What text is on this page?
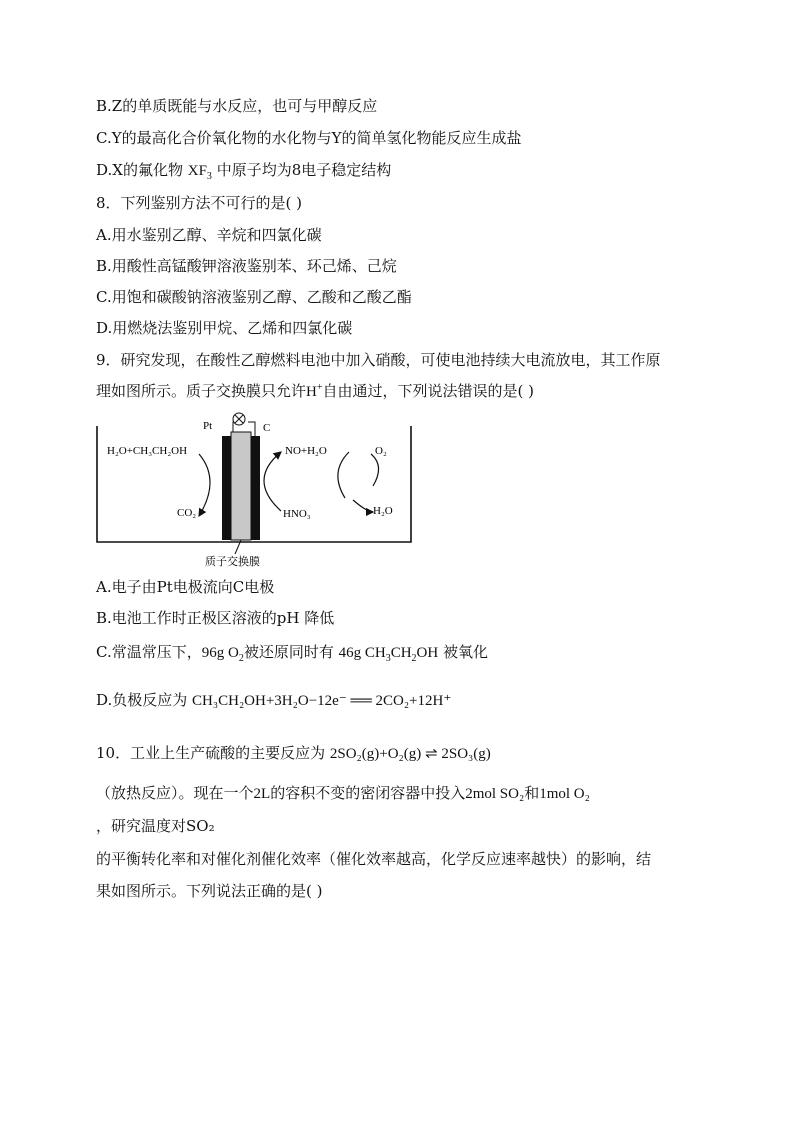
B.Z的单质既能与水反应，也可与甲醇反应
C.Y的最高化合价氧化物的水化物与Y的简单氢化物能反应生成盐
D.X的氟化物 $XF_3$ 中原子均为8电子稳定结构
8．下列鉴别方法不可行的是( )
A.用水鉴别乙醇、辛烷和四氯化碳
B.用酸性高锰酸钾溶液鉴别苯、环己烯、己烷
C.用饱和碳酸钠溶液鉴别乙醇、乙酸和乙酸乙酯
D.用燃烧法鉴别甲烷、乙烯和四氯化碳
9．研究发现，在酸性乙醇燃料电池中加入硝酸，可使电池持续大电流放电，其工作原
理如图所示。质子交换膜只允许H+自由通过，下列说法错误的是( )
Pt	C
H₂O+CH₃CH₂OH
CO₂
NO+H₂O
HNO₃
O₂
H₂O
质子交换膜
A.电子由Pt电极流向C电极
B.电池工作时正极区溶液的pH 降低
C.常温常压下，96g $O_2$被还原同时有 46g $CH_3CH_2OH$ 被氧化
D.负极反应为 CH₃CH₂OH+3H₂O−12e⁻ ══ 2CO₂+12H⁺
10．工业上生产硫酸的主要反应为 2SO₂(g)+O₂(g) ⇌ 2SO₃(g)
（放热反应）。现在一个2L的容积不变的密闭容器中投入2mol SO₂和1mol O₂
，研究温度对SO₂
的平衡转化率和对催化剂催化效率（催化效率越高，化学反应速率越快）的影响，结
果如图所示。下列说法正确的是( )
